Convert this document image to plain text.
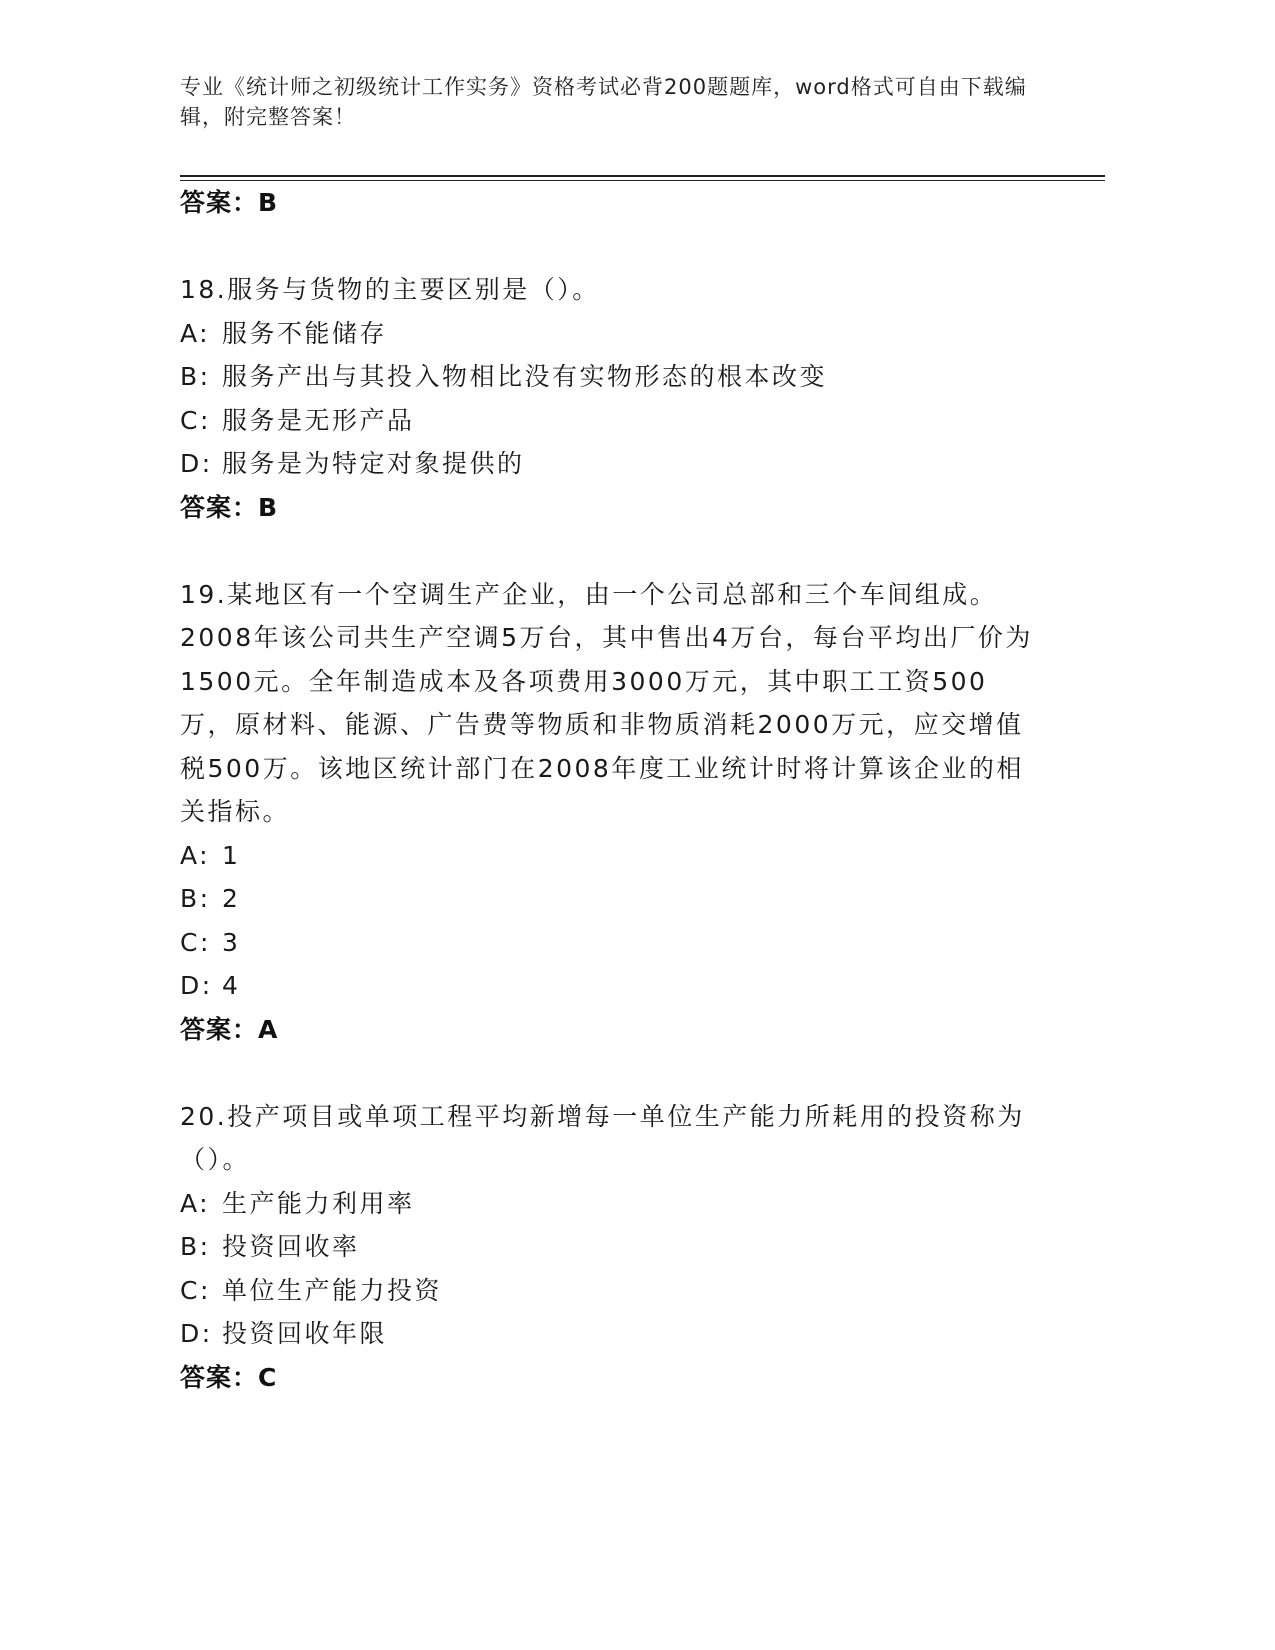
专业《统计师之初级统计工作实务》资格考试必背200题题库，word格式可自由下载编辑，附完整答案！

答案：B

18.服务与货物的主要区别是（）。

A: 服务不能储存

B: 服务产出与其投入物相比没有实物形态的根本改变

C: 服务是无形产品

D: 服务是为特定对象提供的

答案：B

19.某地区有一个空调生产企业，由一个公司总部和三个车间组成。2008年该公司共生产空调5万台，其中售出4万台，每台平均出厂价为1500元。全年制造成本及各项费用3000万元，其中职工工资500万，原材料、能源、广告费等物质和非物质消耗2000万元，应交增值税500万。该地区统计部门在2008年度工业统计时将计算该企业的相关指标。

A: 1

B: 2

C: 3

D: 4

答案：A

20.投产项目或单项工程平均新增每一单位生产能力所耗用的投资称为（）。

A: 生产能力利用率

B: 投资回收率

C: 单位生产能力投资

D: 投资回收年限

答案：C
